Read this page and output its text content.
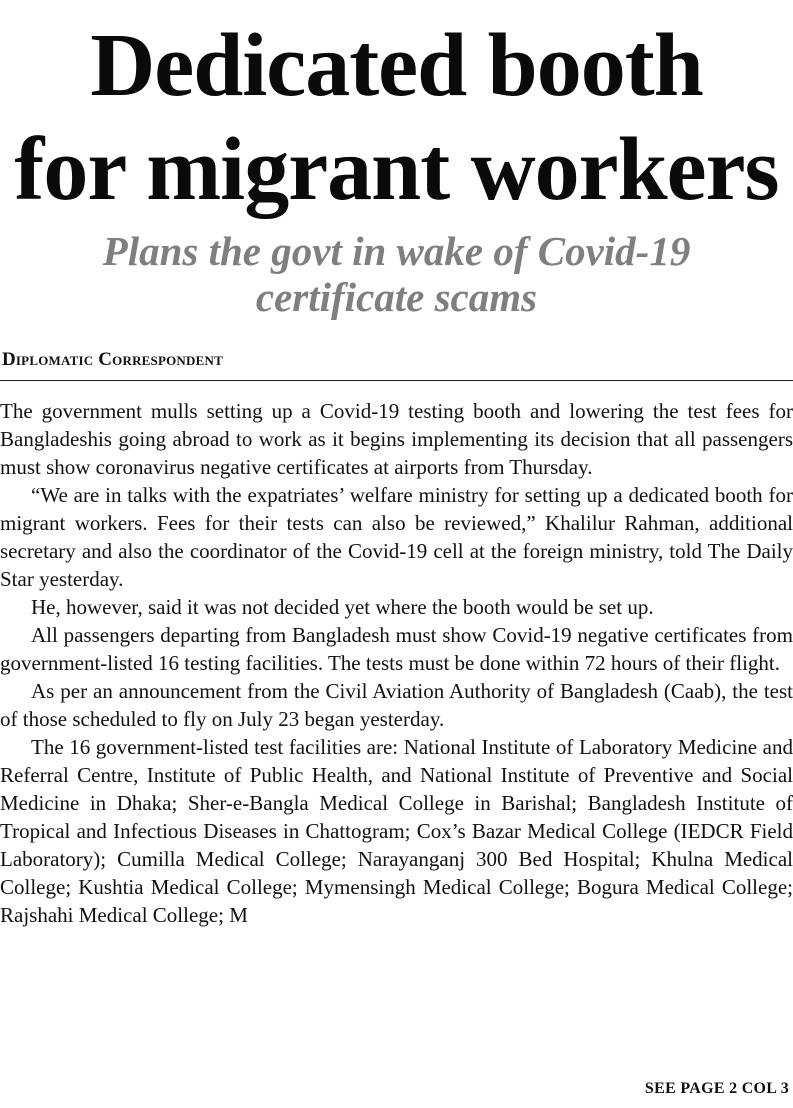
Dedicated booth
for migrant workers
Plans the govt in wake of Covid-19
certificate scams
Diplomatic Correspondent

The government mulls setting up a Covid-19 testing booth and lowering the test fees for Bangladeshis going abroad to work as it begins implementing its decision that all passengers must show coronavirus negative certificates at airports from Thursday.

“We are in talks with the expatriates’ welfare ministry for setting up a dedicated booth for migrant workers. Fees for their tests can also be reviewed,” Khalilur Rahman, additional secretary and also the coordinator of the Covid-19 cell at the foreign ministry, told The Daily Star yesterday.

He, however, said it was not decided yet where the booth would be set up.

All passengers departing from Bangladesh must show Covid-19 negative certificates from government-listed 16 testing facilities. The tests must be done within 72 hours of their flight.

As per an announcement from the Civil Aviation Authority of Bangladesh (Caab), the test of those scheduled to fly on July 23 began yesterday.

The 16 government-listed test facilities are: National Institute of Laboratory Medicine and Referral Centre, Institute of Public Health, and National Institute of Preventive and Social Medicine in Dhaka; Sher-e-Bangla Medical College in Barishal; Bangladesh Institute of Tropical and Infectious Diseases in Chattogram; Cox’s Bazar Medical College (IEDCR Field Laboratory); Cumilla Medical College; Narayanganj 300 Bed Hospital; Khulna Medical College; Kushtia Medical College; Mymensingh Medical College; Bogura Medical College; Rajshahi Medical College; M

SEE PAGE 2 COL 3
